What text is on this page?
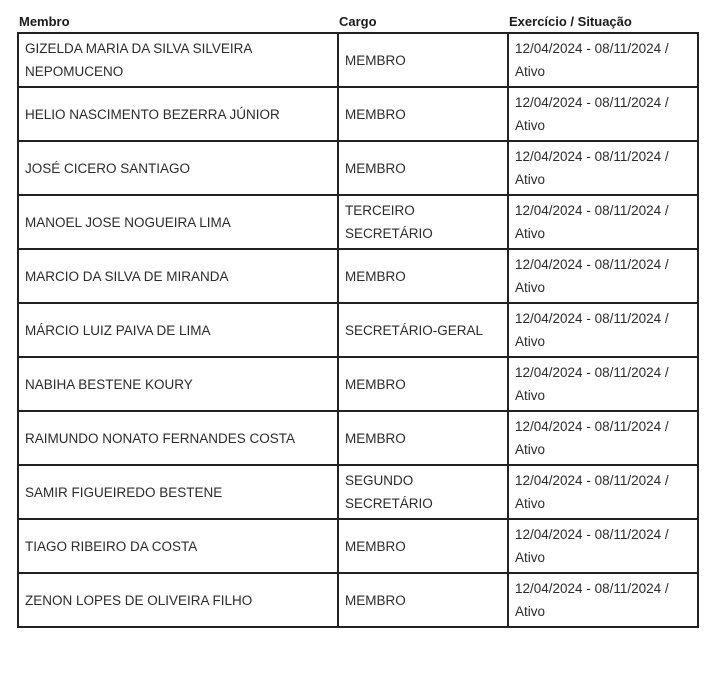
Membro	Cargo	Exercício / Situação
GIZELDA MARIA DA SILVA SILVEIRA NEPOMUCENO	MEMBRO	12/04/2024 - 08/11/2024 / Ativo
HELIO NASCIMENTO BEZERRA JÚNIOR	MEMBRO	12/04/2024 - 08/11/2024 / Ativo
JOSÉ CICERO SANTIAGO	MEMBRO	12/04/2024 - 08/11/2024 / Ativo
MANOEL JOSE NOGUEIRA LIMA	TERCEIRO SECRETÁRIO	12/04/2024 - 08/11/2024 / Ativo
MARCIO DA SILVA DE MIRANDA	MEMBRO	12/04/2024 - 08/11/2024 / Ativo
MÁRCIO LUIZ PAIVA DE LIMA	SECRETÁRIO-GERAL	12/04/2024 - 08/11/2024 / Ativo
NABIHA BESTENE KOURY	MEMBRO	12/04/2024 - 08/11/2024 / Ativo
RAIMUNDO NONATO FERNANDES COSTA	MEMBRO	12/04/2024 - 08/11/2024 / Ativo
SAMIR FIGUEIREDO BESTENE	SEGUNDO SECRETÁRIO	12/04/2024 - 08/11/2024 / Ativo
TIAGO RIBEIRO DA COSTA	MEMBRO	12/04/2024 - 08/11/2024 / Ativo
ZENON LOPES DE OLIVEIRA FILHO	MEMBRO	12/04/2024 - 08/11/2024 / Ativo
